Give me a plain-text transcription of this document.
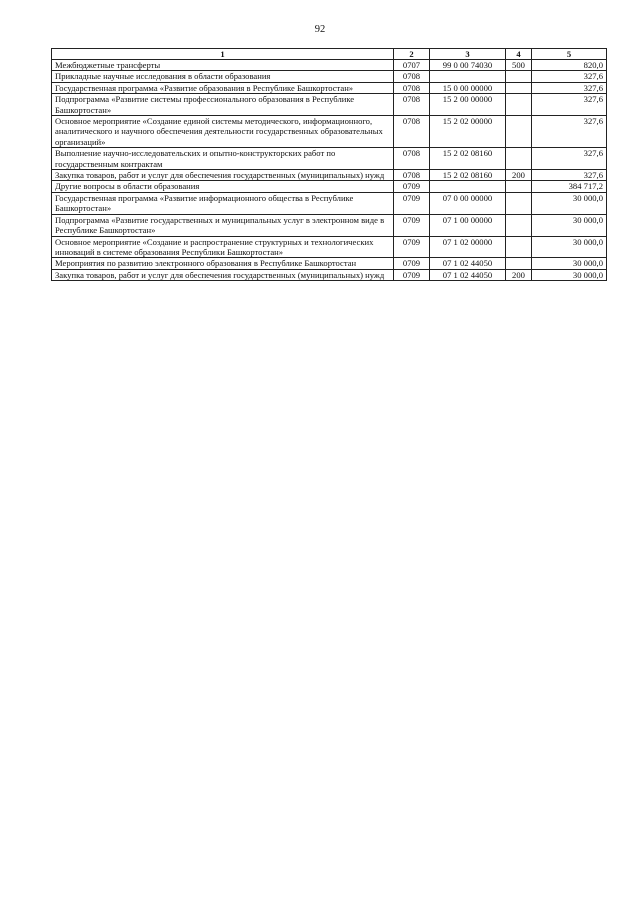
92
1	2	3	4	5
Межбюджетные трансферты	0707	99 0 00 74030	500	820,0
Прикладные научные исследования в области образования	0708			327,6
Государственная программа «Развитие образования в Республике Башкортостан»	0708	15 0 00 00000		327,6
Подпрограмма «Развитие системы профессионального образования в Республике Башкортостан»	0708	15 2 00 00000		327,6
Основное мероприятие «Создание единой системы методического, информационного, аналитического и научного обеспечения деятельности государственных образовательных организаций»	0708	15 2 02 00000		327,6
Выполнение научно-исследовательских и опытно-конструкторских работ по государственным контрактам	0708	15 2 02 08160		327,6
Закупка товаров, работ и услуг для обеспечения государственных (муниципальных) нужд	0708	15 2 02 08160	200	327,6
Другие вопросы в области образования	0709			384 717,2
Государственная программа «Развитие информационного общества в Республике Башкортостан»	0709	07 0 00 00000		30 000,0
Подпрограмма «Развитие государственных и муниципальных услуг в электронном виде в Республике Башкортостан»	0709	07 1 00 00000		30 000,0
Основное мероприятие «Создание и распространение структурных и технологических инноваций в системе образования Республики Башкортостан»	0709	07 1 02 00000		30 000,0
Мероприятия по развитию электронного образования в Республике Башкортостан	0709	07 1 02 44050		30 000,0
Закупка товаров, работ и услуг для обеспечения государственных (муниципальных) нужд	0709	07 1 02 44050	200	30 000,0
